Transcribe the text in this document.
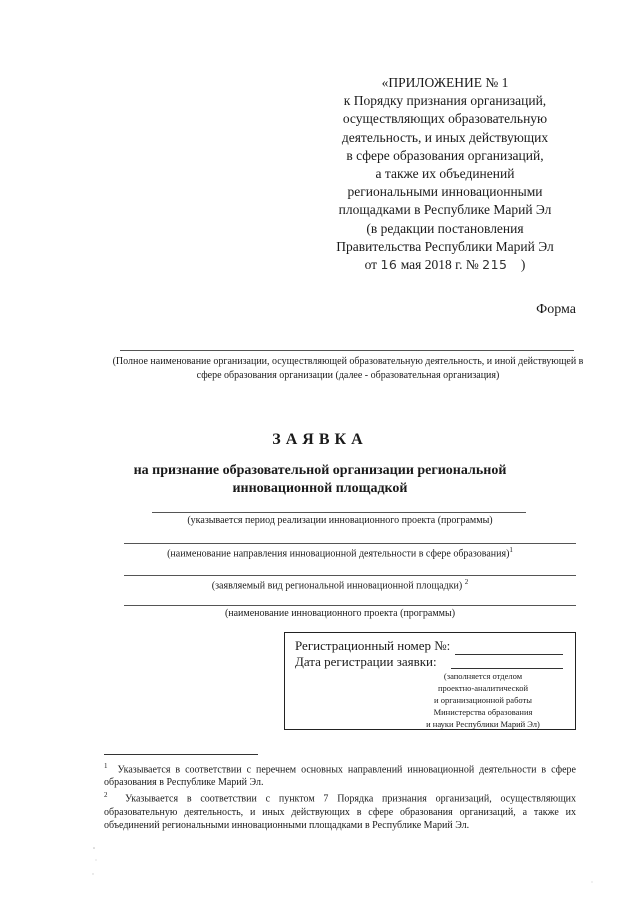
«ПРИЛОЖЕНИЕ № 1
к Порядку признания организаций,
осуществляющих образовательную
деятельность, и иных действующих
в сфере образования организаций,
а также их объединений
региональными инновационными
площадками в Республике Марий Эл
(в редакции постановления
Правительства Республики Марий Эл
от 16 мая 2018 г. № 215 )
Форма
(Полное наименование организации, осуществляющей образовательную деятельность, и иной действующей в сфере образования организации (далее - образовательная организация)
ЗАЯВКА
на признание образовательной организации региональной инновационной площадкой
(указывается период реализации инновационного проекта (программы)
(наименование направления инновационной деятельности в сфере образования)$^1$
(заявляемый вид региональной инновационной площадки) $^2$
(наименование инновационного проекта (программы)
Регистрационный номер №:
Дата регистрации заявки:
(заполняется отделом
проектно-аналитической
и организационной работы
Министерства образования
и науки Республики Марий Эл)

$^1$ Указывается в соответствии с перечнем основных направлений инновационной деятельности в сфере образования в Республике Марий Эл.

$^2$ Указывается в соответствии с пунктом 7 Порядка признания организаций, осуществляющих образовательную деятельность, и иных действующих в сфере образования организаций, а также их объединений региональными инновационными площадками в Республике Марий Эл.
